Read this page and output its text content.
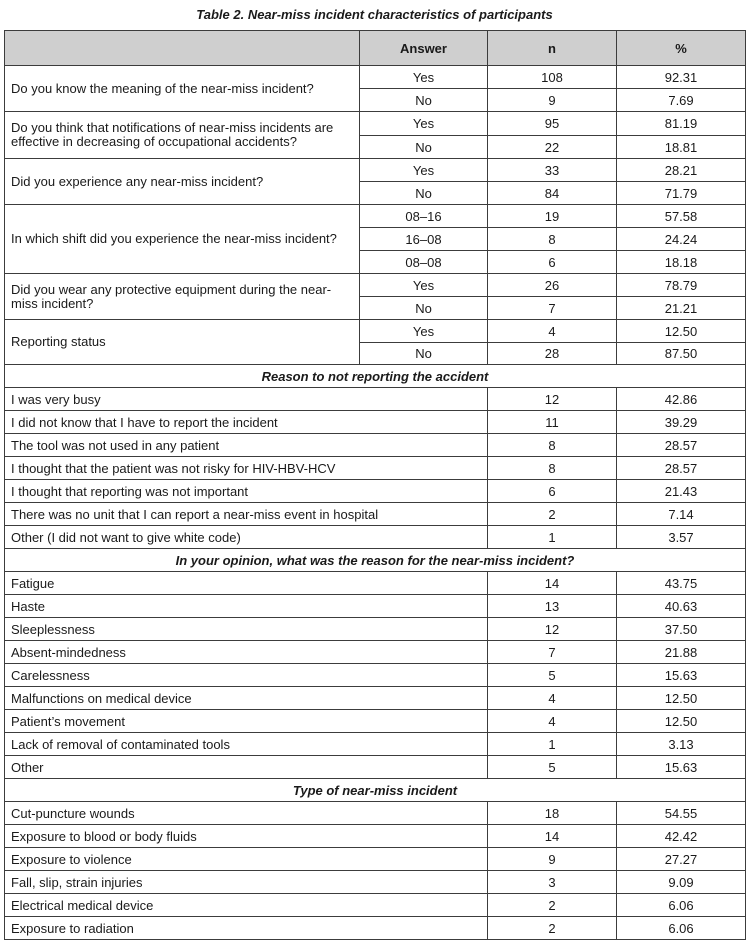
Table 2. Near-miss incident characteristics of participants
	Answer	n	%
Do you know the meaning of the near-miss incident?	Yes	108	92.31
	No	9	7.69
Do you think that notifications of near-miss incidents are effective in decreasing of occupational accidents?	Yes	95	81.19
	No	22	18.81
Did you experience any near-miss incident?	Yes	33	28.21
	No	84	71.79
In which shift did you experience the near-miss incident?	08–16	19	57.58
	16–08	8	24.24
	08–08	6	18.18
Did you wear any protective equipment during the near-miss incident?	Yes	26	78.79
	No	7	21.21
Reporting status	Yes	4	12.50
	No	28	87.50
Reason to not reporting the accident			
I was very busy		12	42.86
I did not know that I have to report the incident		11	39.29
The tool was not used in any patient		8	28.57
I thought that the patient was not risky for HIV-HBV-HCV		8	28.57
I thought that reporting was not important		6	21.43
There was no unit that I can report a near-miss event in hospital		2	7.14
Other (I did not want to give white code)		1	3.57
In your opinion, what was the reason for the near-miss incident?			
Fatigue		14	43.75
Haste		13	40.63
Sleeplessness		12	37.50
Absent-mindedness		7	21.88
Carelessness		5	15.63
Malfunctions on medical device		4	12.50
Patient’s movement		4	12.50
Lack of removal of contaminated tools		1	3.13
Other		5	15.63
Type of near-miss incident			
Cut-puncture wounds		18	54.55
Exposure to blood or body fluids		14	42.42
Exposure to violence		9	27.27
Fall, slip, strain injuries		3	9.09
Electrical medical device		2	6.06
Exposure to radiation		2	6.06
